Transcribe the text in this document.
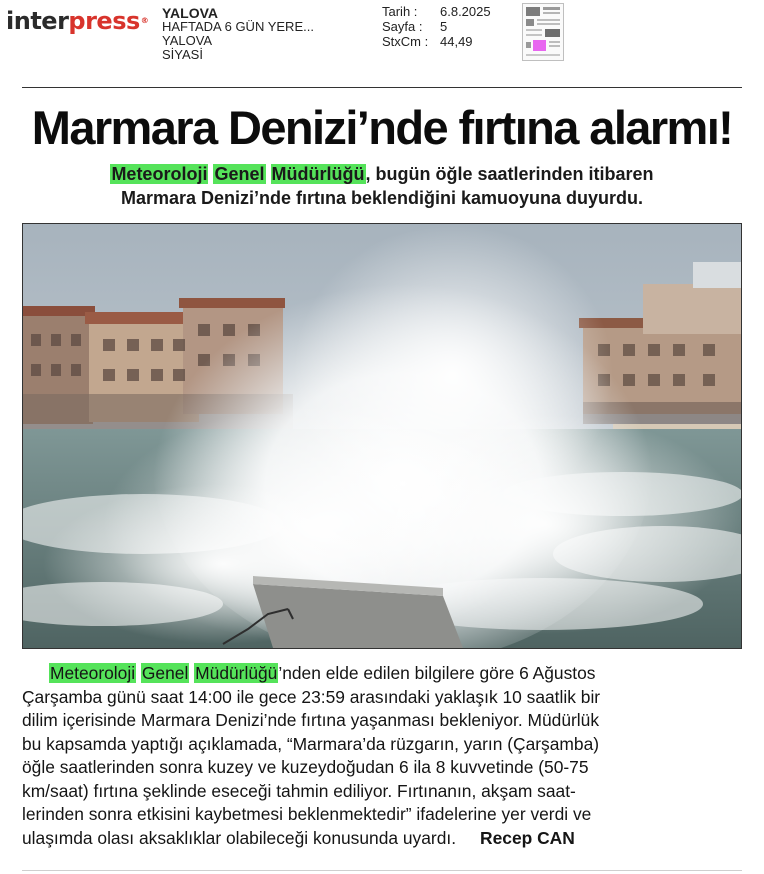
interpress® YALOVA
HAFTADA 6 GÜN YERE...
YALOVA
SİYASİ
Tarih :	6.8.2025
Sayfa :	5
StxCm : 44,49
Marmara Denizi’nde fırtına alarmı!
Meteoroloji Genel Müdürlüğü, bugün öğle saatlerinden itibaren
Marmara Denizi’nde fırtına beklendiğini kamuoyuna duyurdu.

Meteoroloji Genel Müdürlüğü’nden elde edilen bilgilere göre 6 Ağustos
Çarşamba günü saat 14:00 ile gece 23:59 arasındaki yaklaşık 10 saatlik bir
dilim içerisinde Marmara Denizi’nde fırtına yaşanması bekleniyor. Müdürlük
bu kapsamda yaptığı açıklamada, “Marmara’da rüzgarın, yarın (Çarşamba)
öğle saatlerinden sonra kuzey ve kuzeydoğudan 6 ila 8 kuvvetinde (50-75
km/saat) fırtına şeklinde eseceği tahmin ediliyor. Fırtınanın, akşam saat-
lerinden sonra etkisini kaybetmesi beklenmektedir” ifadelerine yer verdi ve
ulaşımda olası aksaklıklar olabileceği konusunda uyardı. Recep CAN
